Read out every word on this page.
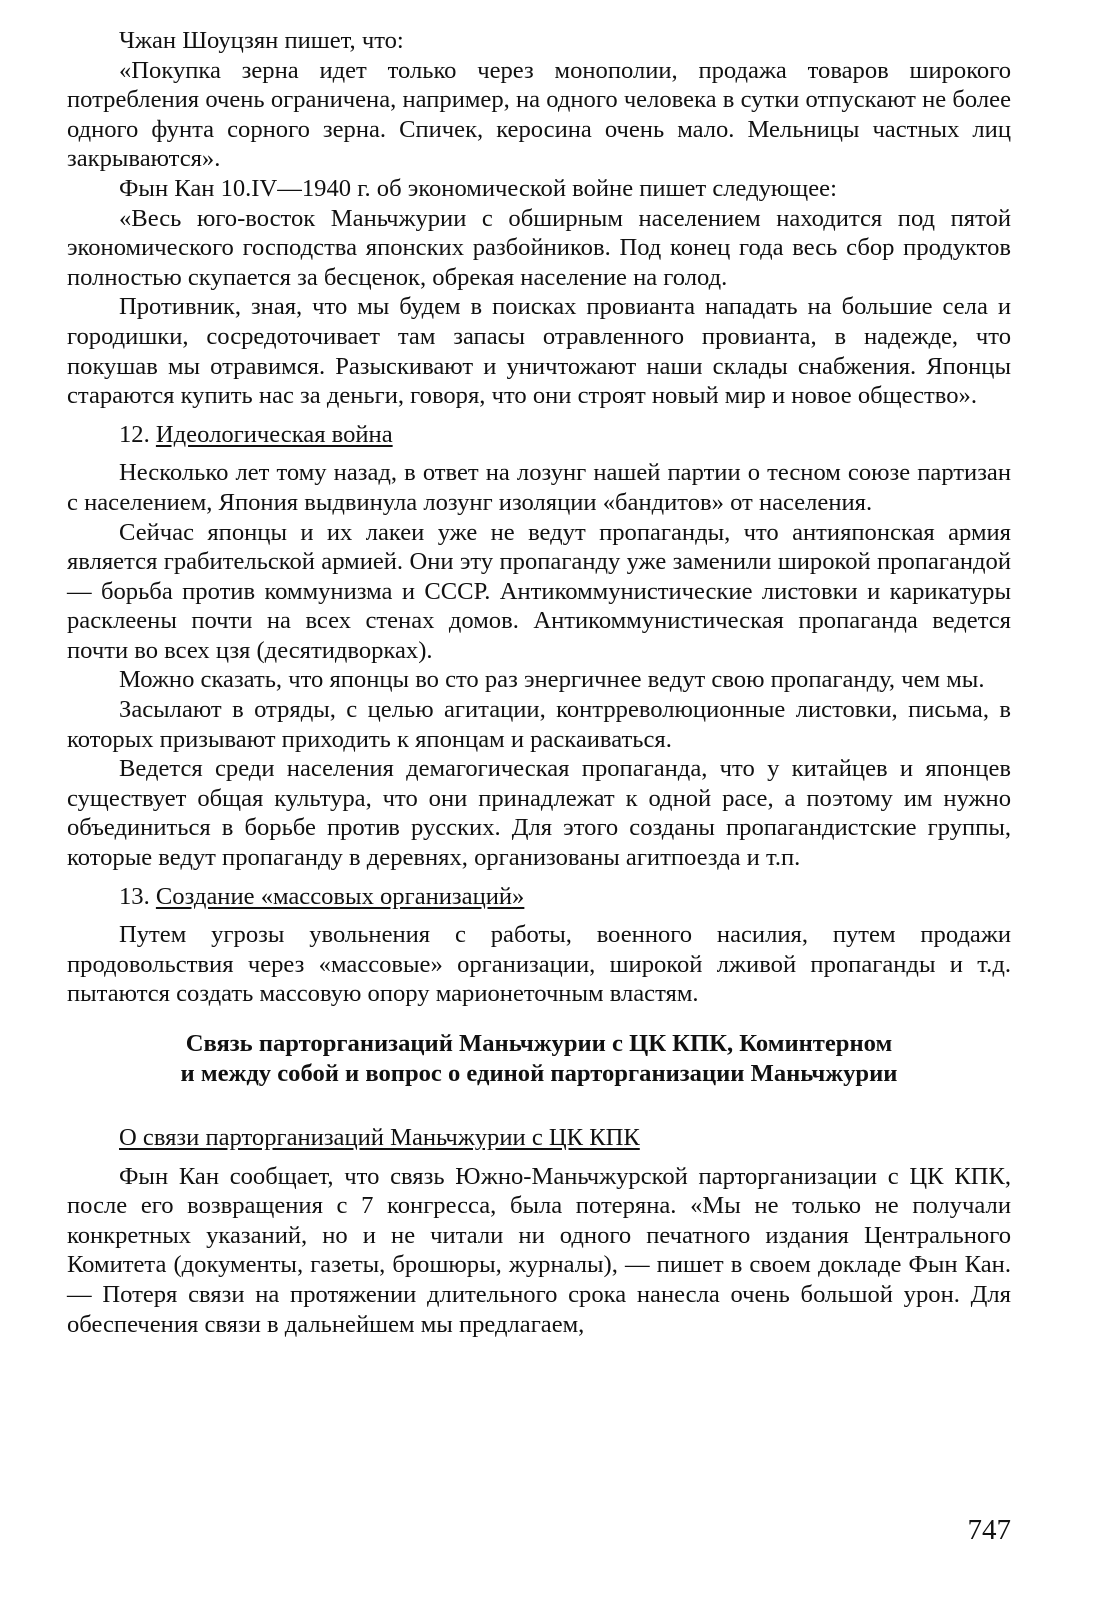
Чжан Шоуцзян пишет, что:

«Покупка зерна идет только через монополии, продажа товаров широкого потребления очень ограничена, например, на одного человека в сутки отпускают не более одного фунта сорного зерна. Спичек, керосина очень мало. Мельницы частных лиц закрываются».

Фын Кан 10.IV—1940 г. об экономической войне пишет следующее:

«Весь юго-восток Маньчжурии с обширным населением находится под пятой экономического господства японских разбойников. Под конец года весь сбор продуктов полностью скупается за бесценок, обрекая население на голод.

Противник, зная, что мы будем в поисках провианта нападать на большие села и городишки, сосредоточивает там запасы отравленного провианта, в надежде, что покушав мы отравимся. Разыскивают и уничтожают наши склады снабжения. Японцы стараются купить нас за деньги, говоря, что они строят новый мир и новое общество».

12. Идеологическая война

Несколько лет тому назад, в ответ на лозунг нашей партии о тесном союзе партизан с населением, Япония выдвинула лозунг изоляции «бандитов» от населения.

Сейчас японцы и их лакеи уже не ведут пропаганды, что антияпонская армия является грабительской армией. Они эту пропаганду уже заменили широкой пропагандой — борьба против коммунизма и СССР. Антикоммунистические листовки и карикатуры расклеены почти на всех стенах домов. Антикоммунистическая пропаганда ведется почти во всех цзя (десятидворках).

Можно сказать, что японцы во сто раз энергичнее ведут свою пропаганду, чем мы.

Засылают в отряды, с целью агитации, контрреволюционные листовки, письма, в которых призывают приходить к японцам и раскаиваться.

Ведется среди населения демагогическая пропаганда, что у китайцев и японцев существует общая культура, что они принадлежат к одной расе, а поэтому им нужно объединиться в борьбе против русских. Для этого созданы пропагандистские группы, которые ведут пропаганду в деревнях, организованы агитпоезда и т.п.

13. Создание «массовых организаций»

Путем угрозы увольнения с работы, военного насилия, путем продажи продовольствия через «массовые» организации, широкой лживой пропаганды и т.д. пытаются создать массовую опору марионеточным властям.

Связь парторганизаций Маньчжурии с ЦК КПК, Коминтерном
и между собой и вопрос о единой парторганизации Маньчжурии
О связи парторганизаций Маньчжурии с ЦК КПК

Фын Кан сообщает, что связь Южно-Маньчжурской парторганизации с ЦК КПК, после его возвращения с 7 конгресса, была потеряна. «Мы не только не получали конкретных указаний, но и не читали ни одного печатного издания Центрального Комитета (документы, газеты, брошюры, журналы), — пишет в своем докладе Фын Кан. — Потеря связи на протяжении длительного срока нанесла очень большой урон. Для обеспечения связи в дальнейшем мы предлагаем,

747
